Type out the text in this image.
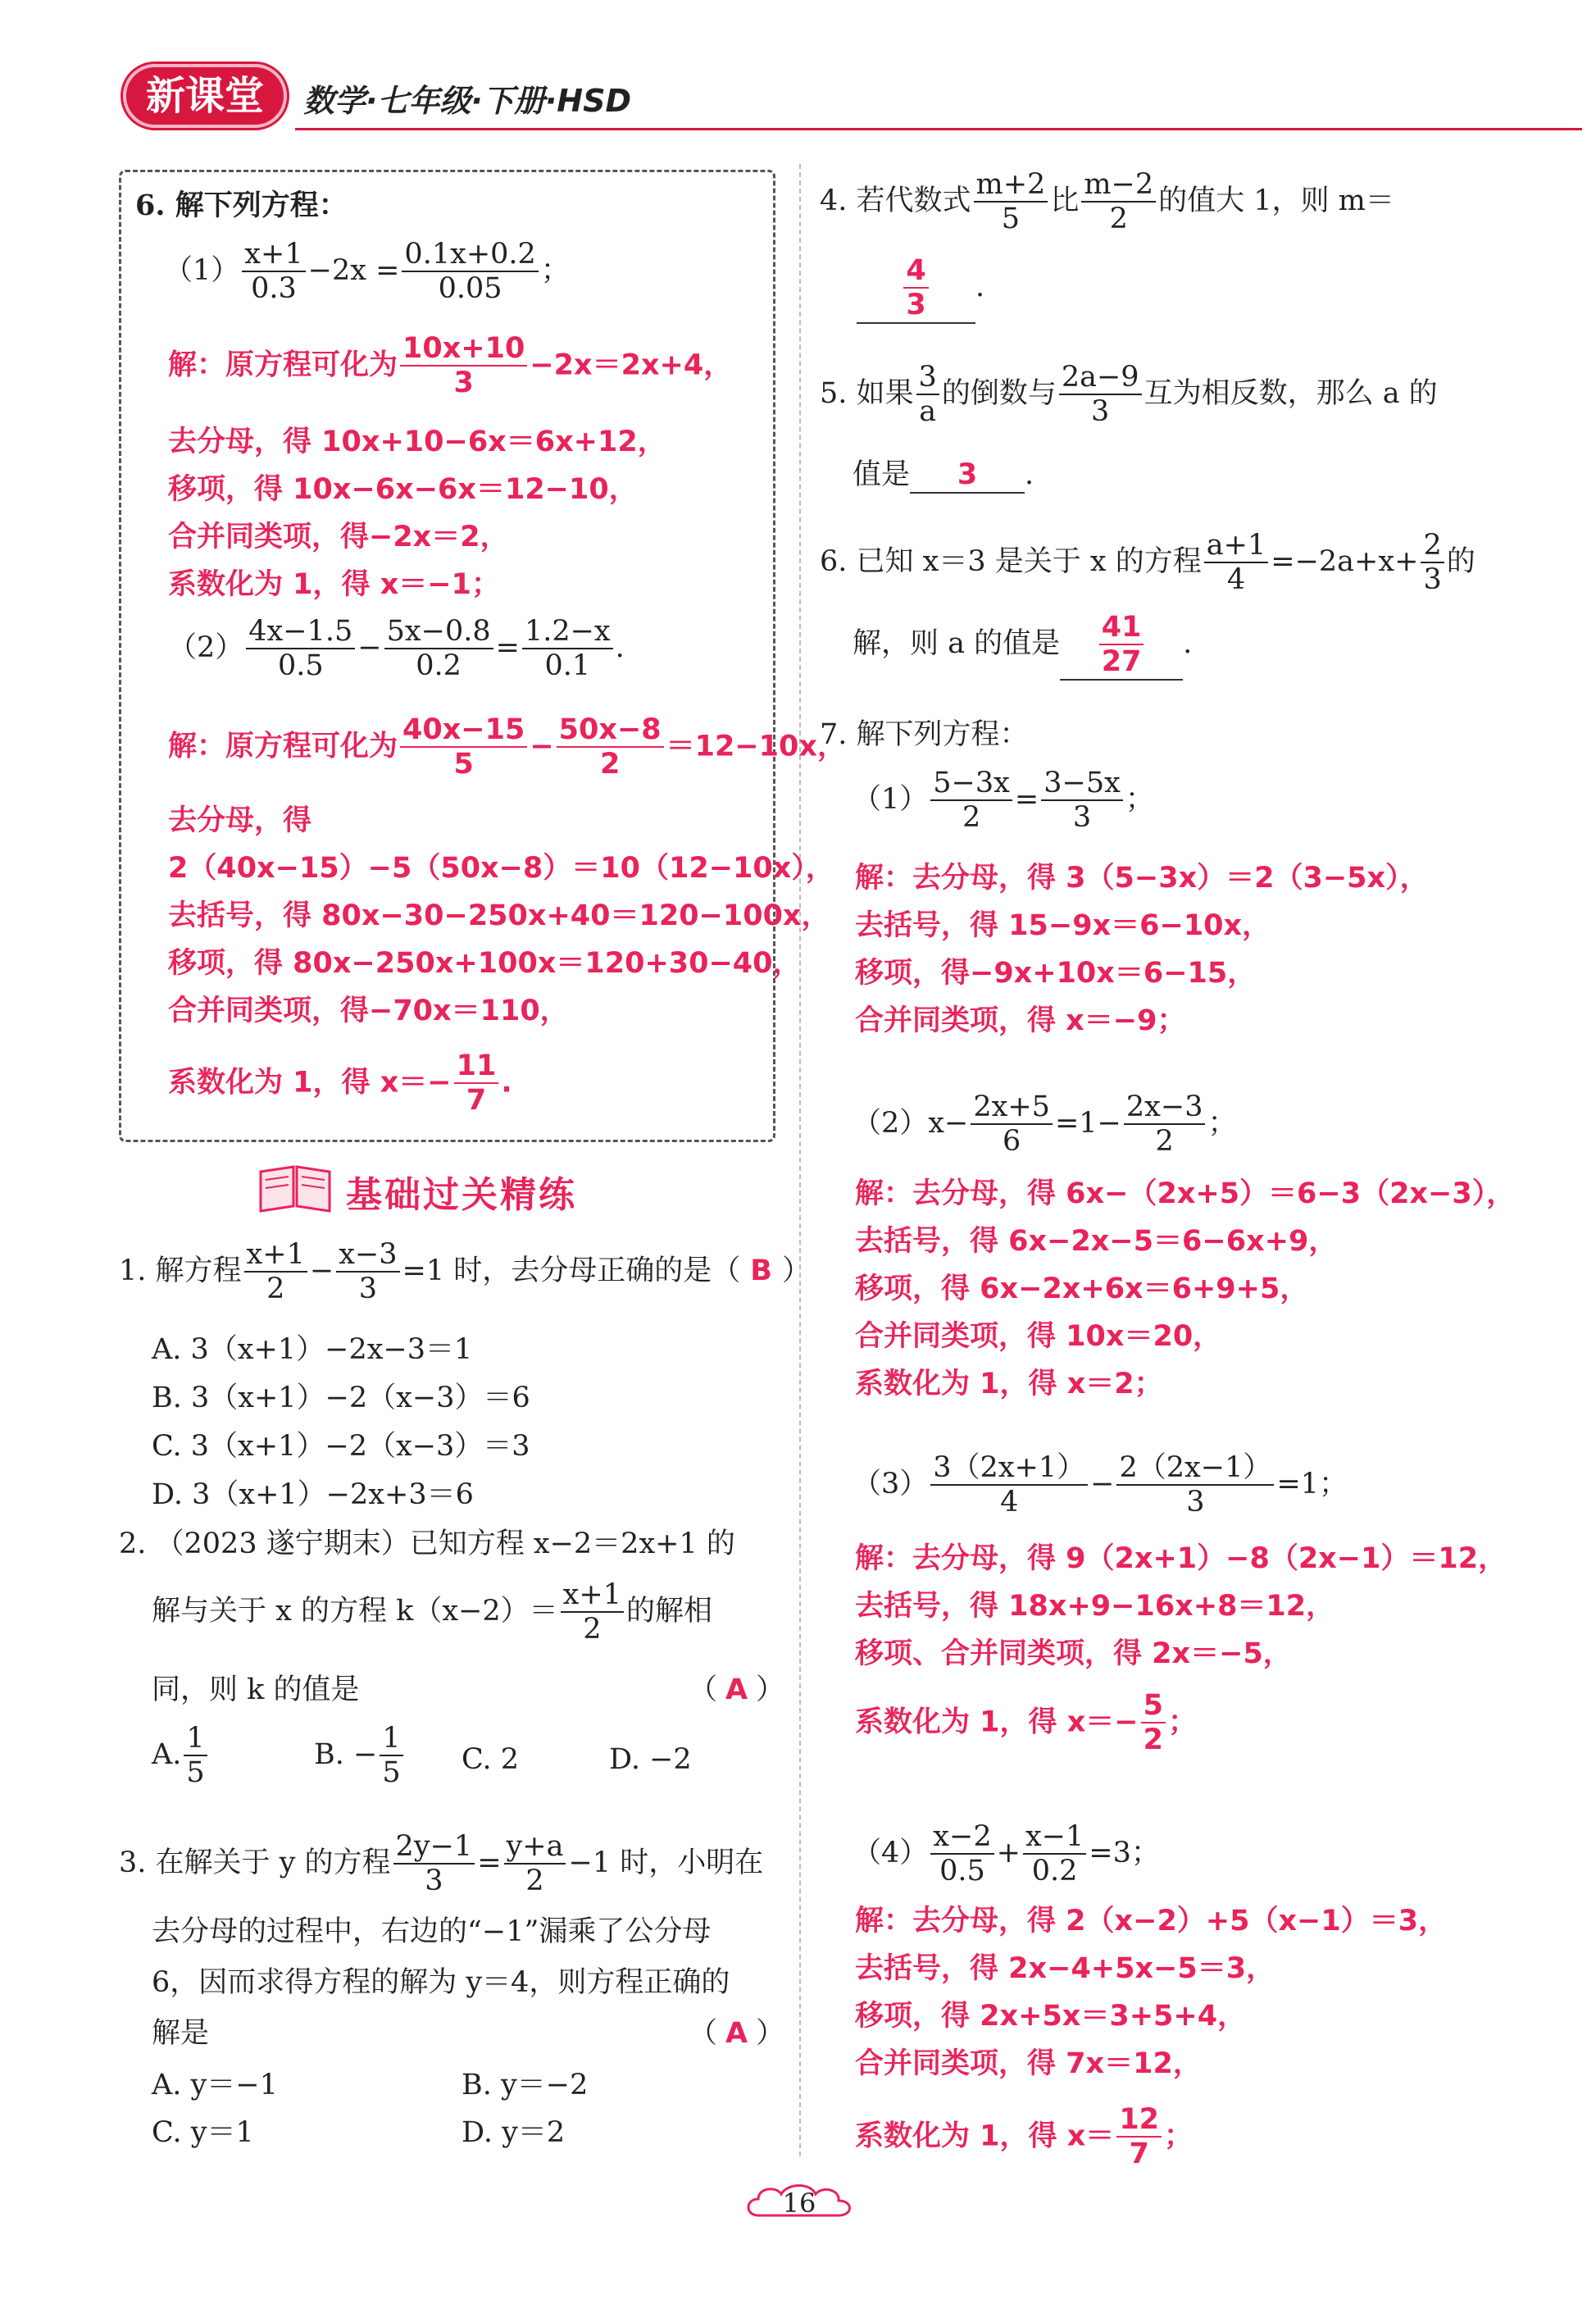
新课堂	数学·七年级·下册·HSD
6. 解下列方程：
$(1) \frac{x+1}{0.3} -2x = \frac{0.1x+0.2}{0.05}$ ；
解：原方程可化为 $\frac{10x+10}{3} -2x=2x+4$，
去分母，得 10x+10−6x＝6x+12，
移项，得 10x−6x−6x＝12−10，
合并同类项，得−2x＝2，
系数化为 1，得 x＝−1；
$(2) \frac{4x-1.5}{0.5} - \frac{5x-0.8}{0.2} = \frac{1.2-x}{0.1}$ .
解：原方程可化为 $\frac{40x-15}{5} - \frac{50x-8}{2} =12-10x$，
去分母，得
2（40x−15）−5（50x−8）＝10（12−10x），
去括号，得 80x−30−250x+40＝120−100x，
移项，得 80x−250x+100x＝120+30−40，
合并同类项，得−70x＝110，
系数化为 1，得 $x=- \frac{11}{7}$ .
基础过关精练
1. 解方程 $\frac{x+1}{2} - \frac{x-3}{3} =1$ 时，去分母正确的是（ B ）
A. 3（x+1）−2x−3＝1
B. 3（x+1）−2（x−3）＝6
C. 3（x+1）−2（x−3）＝3
D. 3（x+1）−2x+3＝6
2. （2023 遂宁期末）已知方程 x−2＝2x+1 的
解与关于 x 的方程 $k(x-2)= \frac{x+1}{2}$ 的解相
同，则 k 的值是	（ A ）
A. $\frac{1}{5}$	B. − $\frac{1}{5} C$. 2	D. −2
3. 在解关于 y 的方程 $\frac{2y-1}{3} = \frac{y+a}{2} -1$ 时，小明在
去分母的过程中，右边的“−1”漏乘了公分母
6，因而求得方程的解为 y＝4，则方程正确的
解是	（ A ）
A. y＝−1	B. y＝−2
C. y＝1	D. y＝2
4. 若代数式 $\frac{m+2}{5}$ 比 $\frac{m-2}{2}$ 的值大 1，则 m＝
$\frac{4}{3}$ .
5. 如果 $\frac{3}{a}$ 的倒数与 $\frac{2a-9}{3}$ 互为相反数，那么 a 的
值是 3 .
6. 已知 x＝3 是关于 x 的方程 $\frac{a+1}{4} =-2a+x+ \frac{2}{3}$ 的
解，则 a 的值是 $\frac{41}{27}$ .
7. 解下列方程：
$(1) \frac{5-3x}{2} = \frac{3-5x}{3}$ ；
解：去分母，得 3（5−3x）＝2（3−5x），
去括号，得 15−9x＝6−10x，
移项，得−9x+10x＝6−15，
合并同类项，得 x＝−9；
$(2)x- \frac{2x+5}{6} =1- \frac{2x-3}{2}$ ；
解：去分母，得 6x−（2x+5）＝6−3（2x−3），
去括号，得 6x−2x−5＝6−6x+9，
移项，得 6x−2x+6x＝6+9+5，
合并同类项，得 10x＝20，
系数化为 1，得 x＝2；
$(3) \frac{3(2x+1)}{4} - \frac{2(2x-1)}{3} =1$；
解：去分母，得 9（2x+1）−8（2x−1）＝12，
去括号，得 18x+9−16x+8＝12，
移项、合并同类项，得 2x＝−5，
系数化为 1，得 $x=- \frac{5}{2}$ ；
$(4) \frac{x-2}{0.5} + \frac{x-1}{0.2} =3$；
解：去分母，得 2（x−2）+5（x−1）＝3，
去括号，得 2x−4+5x−5＝3，
移项，得 2x+5x＝3+5+4，
合并同类项，得 7x＝12，
系数化为 1，得 $x= \frac{12}{7}$ ；
16
